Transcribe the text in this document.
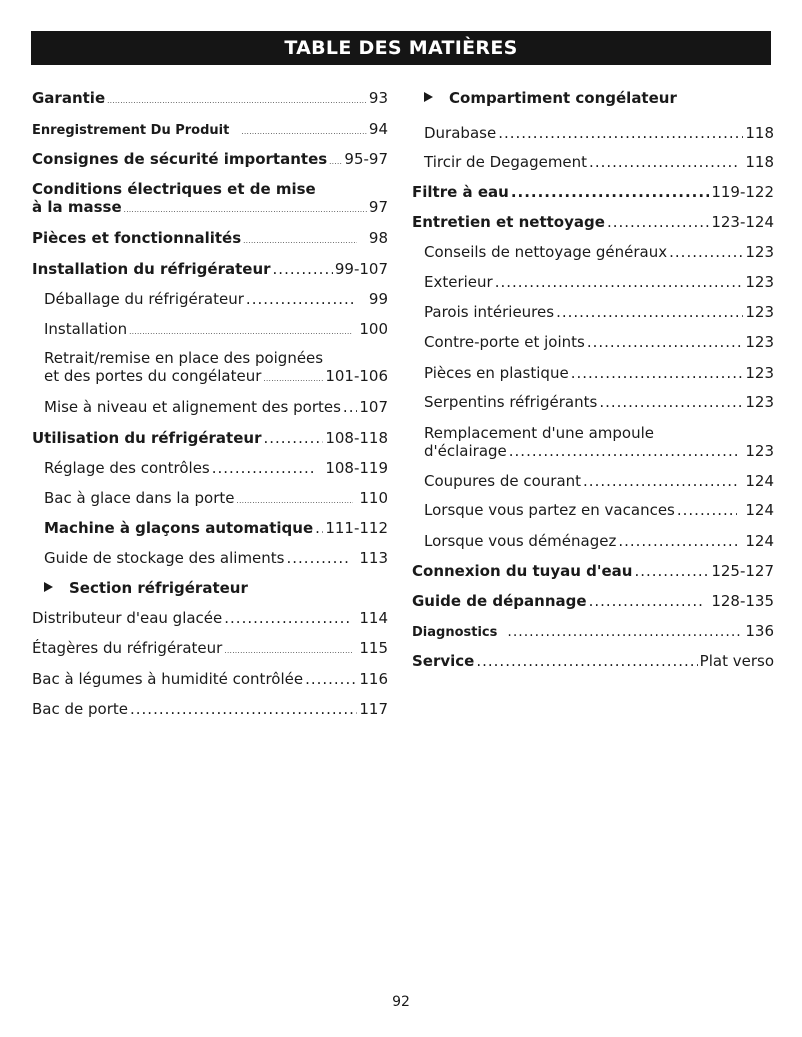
TABLE DES MATIÈRES
Garantie .....	93
Enregistrement Du Produit .....	94
Consignes de sécurité importantes ..... 95-97
Conditions électriques et de mise
à la masse .....	97
Pièces et fonctionnalités .....	98
Installation du réfrigérateur .....	99-107
Déballage du réfrigérateur .....	99
Installation .....	100
Retrait/remise en place des poignées
et des portes du congélateur .....	101-106
Mise à niveau et alignement des portes ..... 107
Utilisation du réfrigérateur .....	108-118
Réglage des contrôles .....	108-119
Bac à glace dans la porte .....	110
Machine à glaçons automatique ..... 111-112
Guide de stockage des aliments .....	113
Section réfrigérateur
Distributeur d'eau glacée .....	114
Étagères du réfrigérateur .....	115
Bac à légumes à humidité contrôlée .....	116
Bac de porte .....	117
Compartiment congélateur
Durabase .....	118
Tircir de Degagement .....	118
Filtre à eau .....	119-122
Entretien et nettoyage .....	123-124
Conseils de nettoyage généraux .....	123
Exterieur .....	123
Parois intérieures .....	123
Contre-porte et joints .....	123
Pièces en plastique .....	123
Serpentins réfrigérants .....	123
Remplacement d'une ampoule
d'éclairage .....	123
Coupures de courant .....	124
Lorsque vous partez en vacances .....	124
Lorsque vous déménagez .....	124
Connexion du tuyau d'eau .....	125-127
Guide de dépannage .....	128-135
Diagnostics .....	136
Service .....	Plat verso
92
